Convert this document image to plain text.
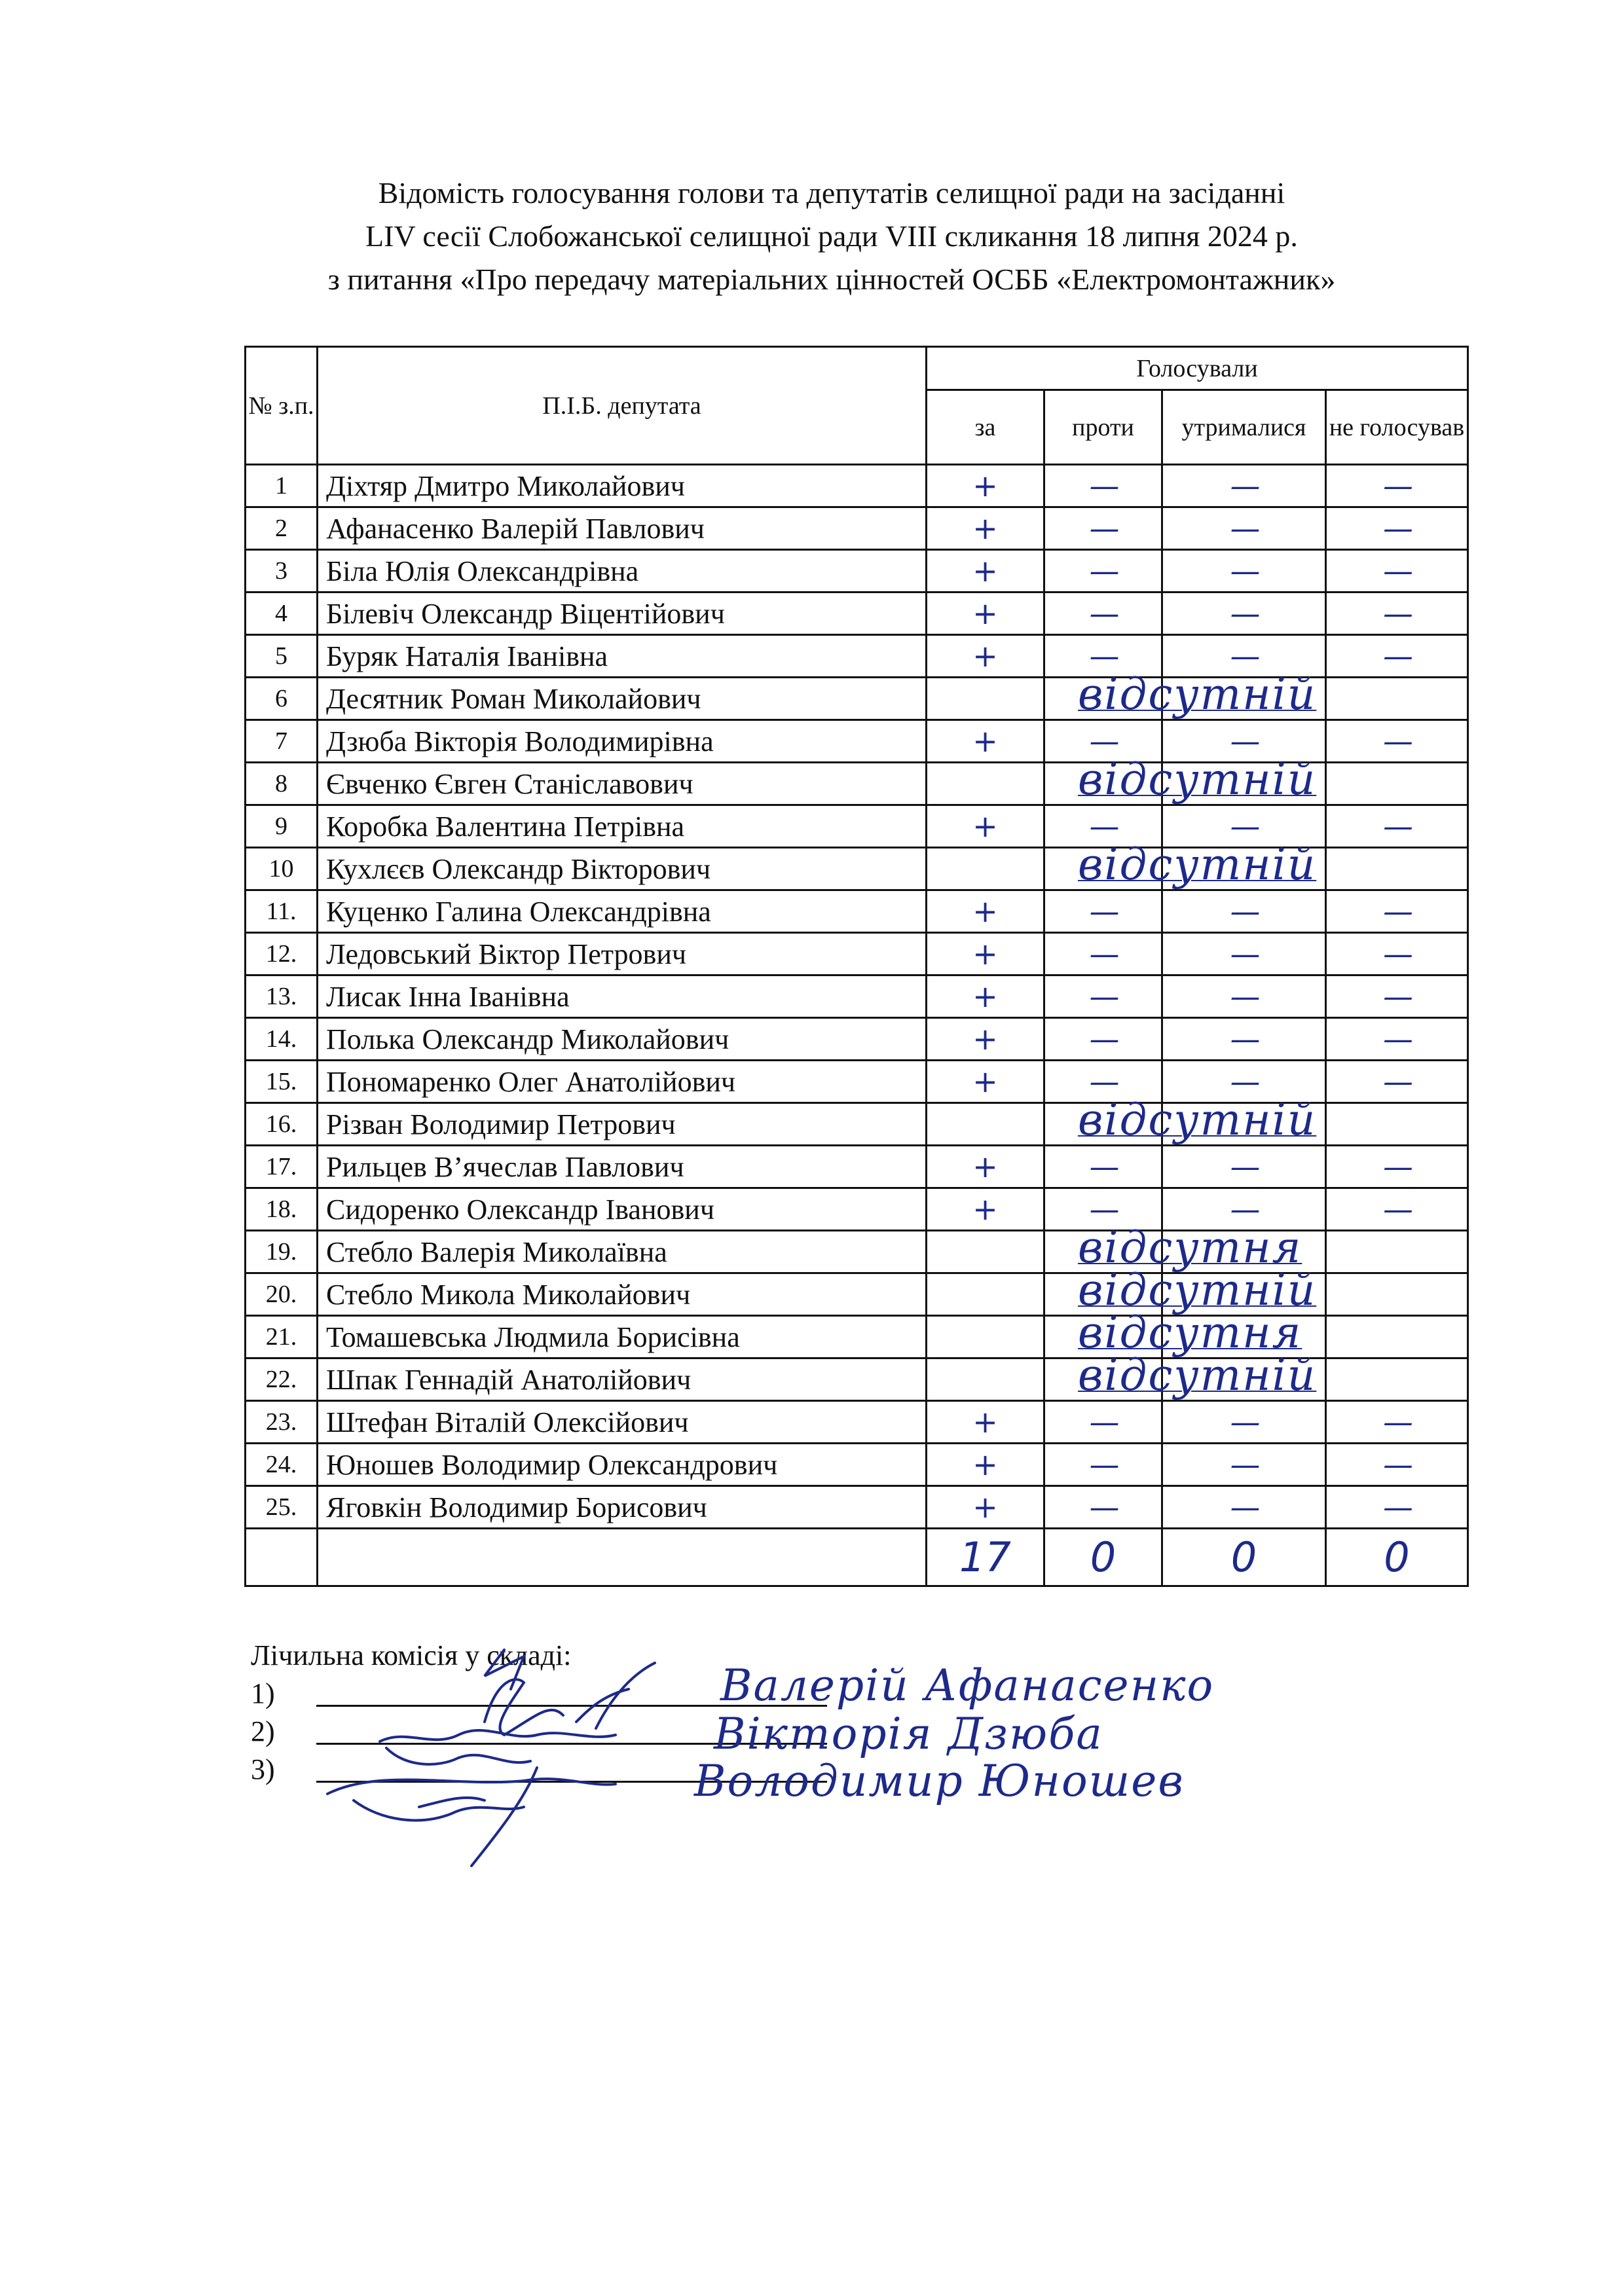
Відомість голосування голови та депутатів селищної ради на засіданні
LIV сесії Слобожанської селищної ради VIII скликання 18 липня 2024 р.
з питання «Про передачу матеріальних цінностей ОСББ «Електромонтажник»
№ з.п.	П.І.Б. депутата	Голосували			
		за	проти	утрималися	не голосував
1	Діхтяр Дмитро Миколайович	+	—	—	—
2	Афанасенко Валерій Павлович	+	—	—	—
3	Біла Юлія Олександрівна	+	—	—	—
4	Білевіч Олександр Віцентійович	+	—	—	—
5	Буряк Наталія Іванівна	+	—	—	—
6	Десятник Роман Миколайович	відсутній			

7	Дзюба Вікторія Володимирівна	+	—	—	—
8	Євченко Євген Станіславович	відсутній			

9	Коробка Валентина Петрівна	+	—	—	—
10	Кухлєєв Олександр Вікторович	відсутній			

11.	Куценко Галина Олександрівна	+	—	—	—
12.	Ледовський Віктор Петрович	+	—	—	—
13.	Лисак Інна Іванівна	+	—	—	—
14.	Полька Олександр Миколайович	+	—	—	—
15.	Пономаренко Олег Анатолійович	+	—	—	—
16.	Різван Володимир Петрович	відсутній			

17.	Рильцев В’ячеслав Павлович	+	—	—	—
18.	Сидоренко Олександр Іванович	+	—	—	—
19.	Стебло Валерія Миколаївна	відсутня			

20.	Стебло Микола Миколайович	відсутній			

21.	Томашевська Людмила Борисівна	відсутня			

22.	Шпак Геннадій Анатолійович	відсутній			

23.	Штефан Віталій Олексійович	+	—	—	—
24.	Юношев Володимир Олександрович	+	—	—	—
25.	Яговкін Володимир Борисович	+	—	—	—
		17	0	0	0
Лічильна комісія у складі:
1)
2)
3)
Валерій Афанасенко
Вікторія Дзюба
Володимир Юношев
